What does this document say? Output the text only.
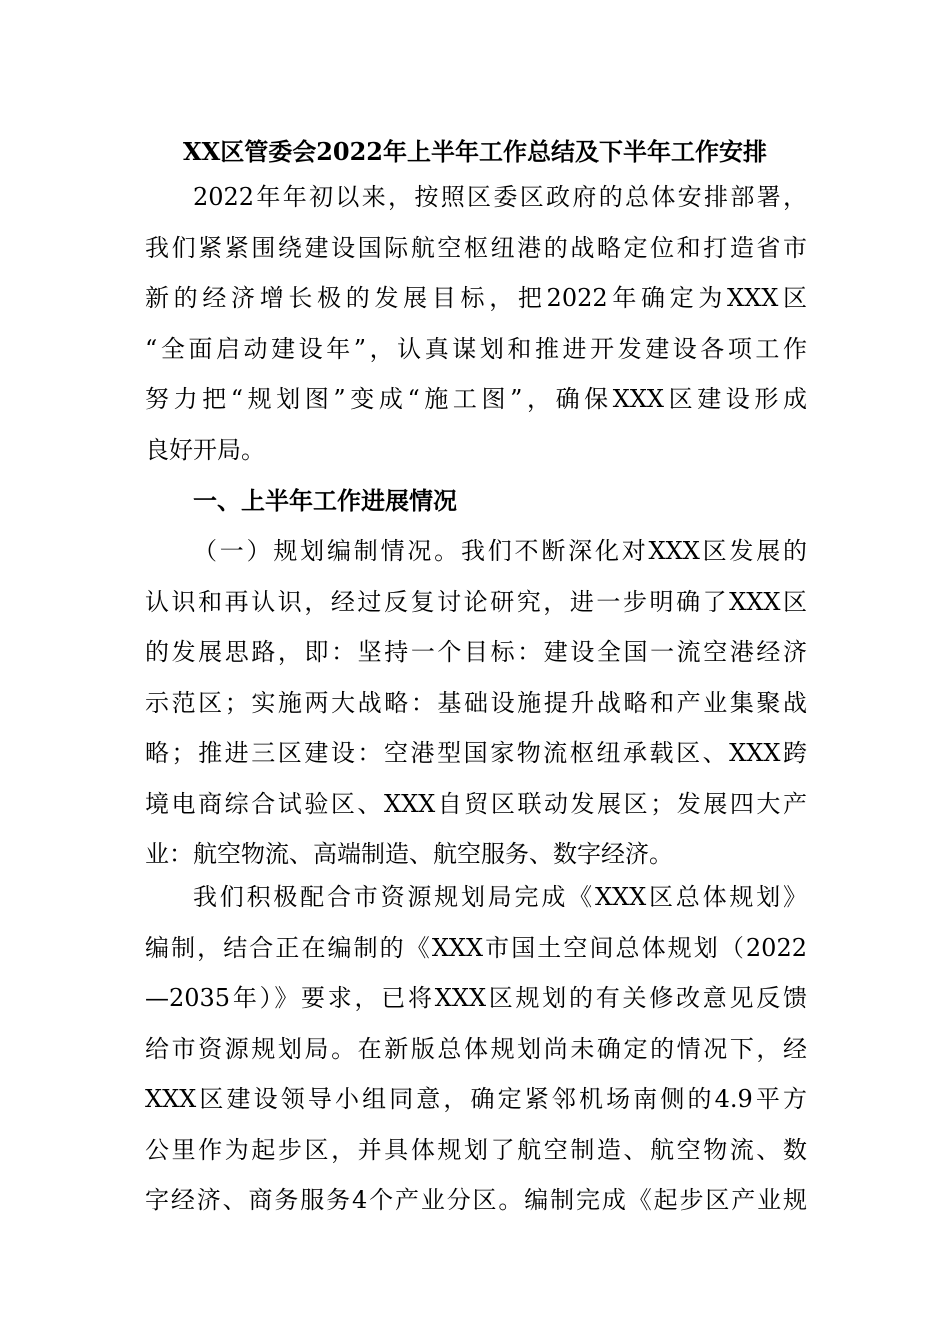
XX区管委会2022年上半年工作总结及下半年工作安排
2022年年初以来，按照区委区政府的总体安排部署，
我们紧紧围绕建设国际航空枢纽港的战略定位和打造省市
新的经济增长极的发展目标，把2022年确定为XXX区
“全面启动建设年”，认真谋划和推进开发建设各项工作
努力把“规划图”变成“施工图”，确保XXX区建设形成
良好开局。
一、上半年工作进展情况
（一）规划编制情况。我们不断深化对XXX区发展的
认识和再认识，经过反复讨论研究，进一步明确了XXX区
的发展思路，即：坚持一个目标：建设全国一流空港经济
示范区；实施两大战略：基础设施提升战略和产业集聚战
略；推进三区建设：空港型国家物流枢纽承载区、XXX跨
境电商综合试验区、XXX自贸区联动发展区；发展四大产
业：航空物流、高端制造、航空服务、数字经济。
我们积极配合市资源规划局完成《XXX区总体规划》
编制，结合正在编制的《XXX市国土空间总体规划（2022
—2035年）》要求，已将XXX区规划的有关修改意见反馈
给市资源规划局。在新版总体规划尚未确定的情况下，经
XXX区建设领导小组同意，确定紧邻机场南侧的4.9平方
公里作为起步区，并具体规划了航空制造、航空物流、数
字经济、商务服务4个产业分区。编制完成《起步区产业规
